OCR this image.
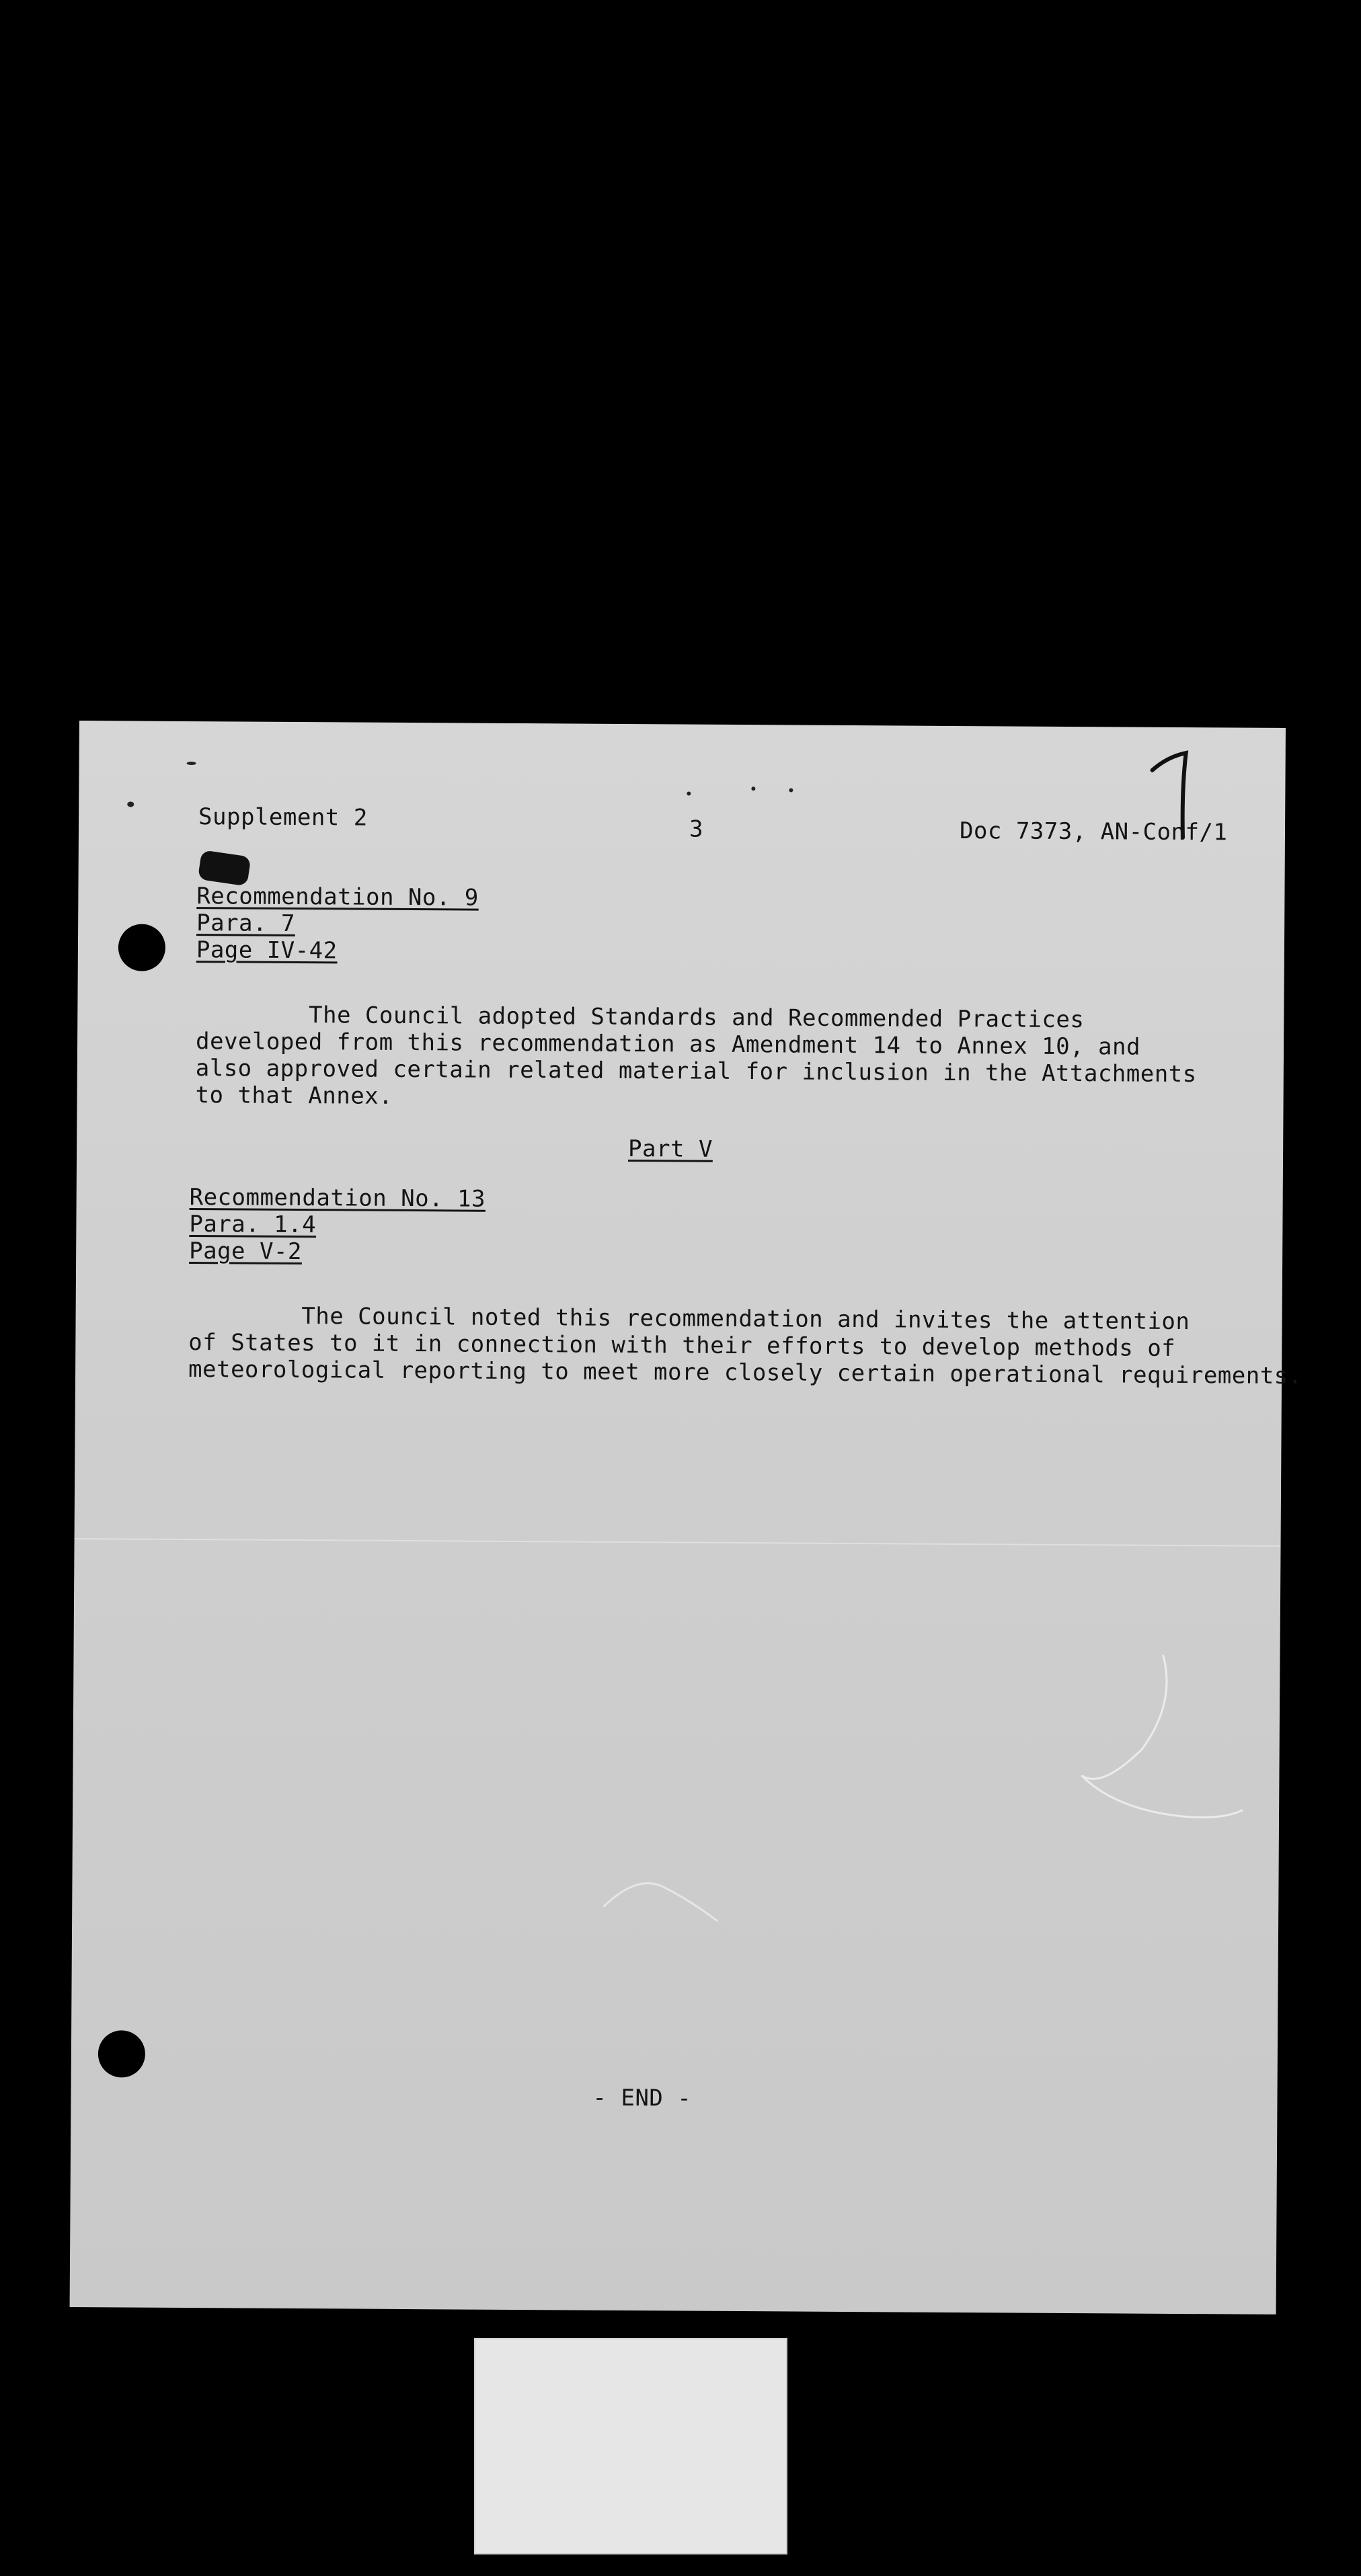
Supplement 2	3	Doc 7373, AN-Conf/1
Recommendation No. 9
Para. 7
Page IV-42
The Council adopted Standards and Recommended Practices
developed from this recommendation as Amendment 14 to Annex 10, and
also approved certain related material for inclusion in the Attachments
to that Annex.
Part V
Recommendation No. 13
Para. 1.4
Page V-2
The Council noted this recommendation and invites the attention
of States to it in connection with their efforts to develop methods of
meteorological reporting to meet more closely certain operational requirements.
- END -
